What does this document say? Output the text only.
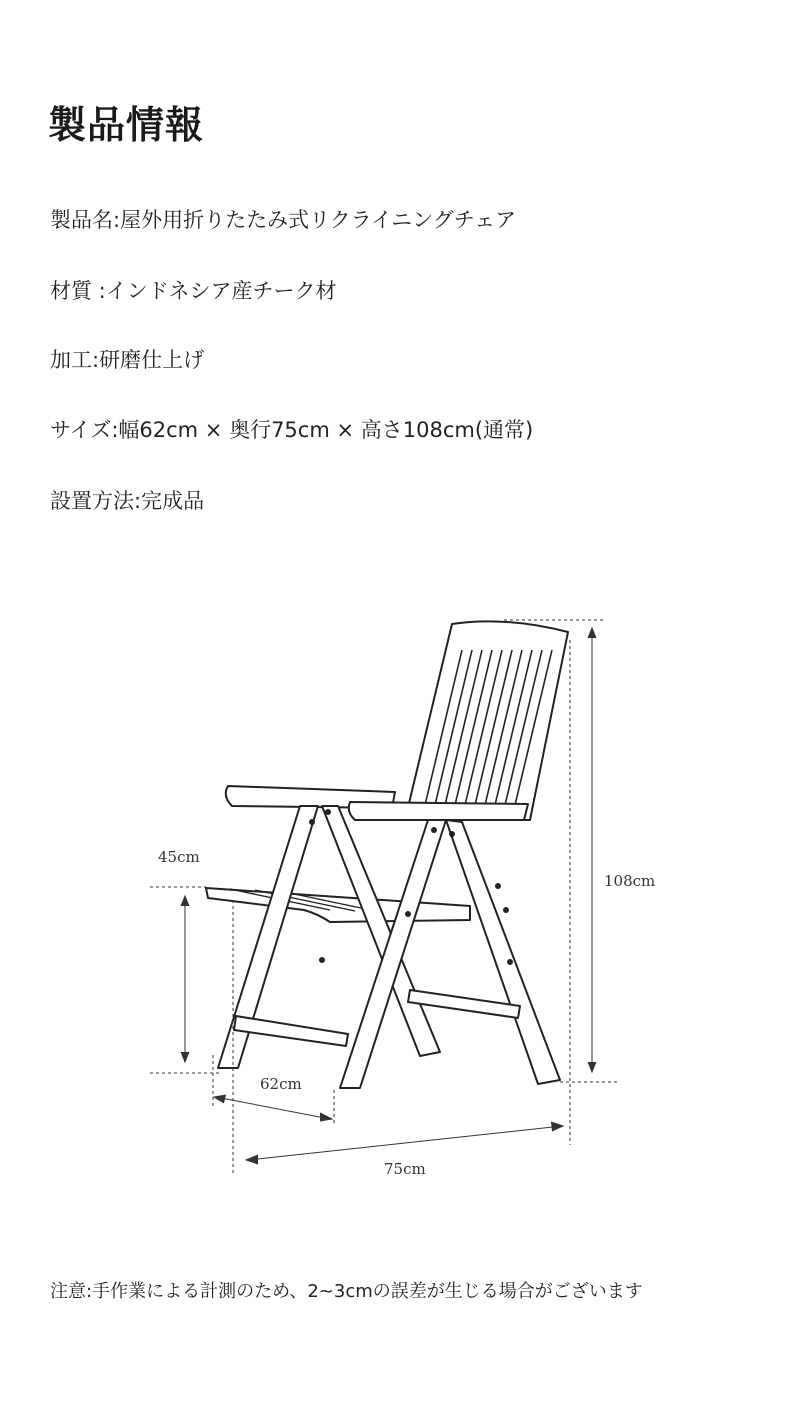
製品情報
製品名:屋外用折りたたみ式リクライニングチェア
材質 :インドネシア産チーク材
加工:研磨仕上げ
サイズ:幅62cm × 奥行75cm × 高さ108cm(通常)
設置方法:完成品
45cm
108cm
62cm
75cm
注意:手作業による計測のため、2~3cmの誤差が生じる場合がございます
